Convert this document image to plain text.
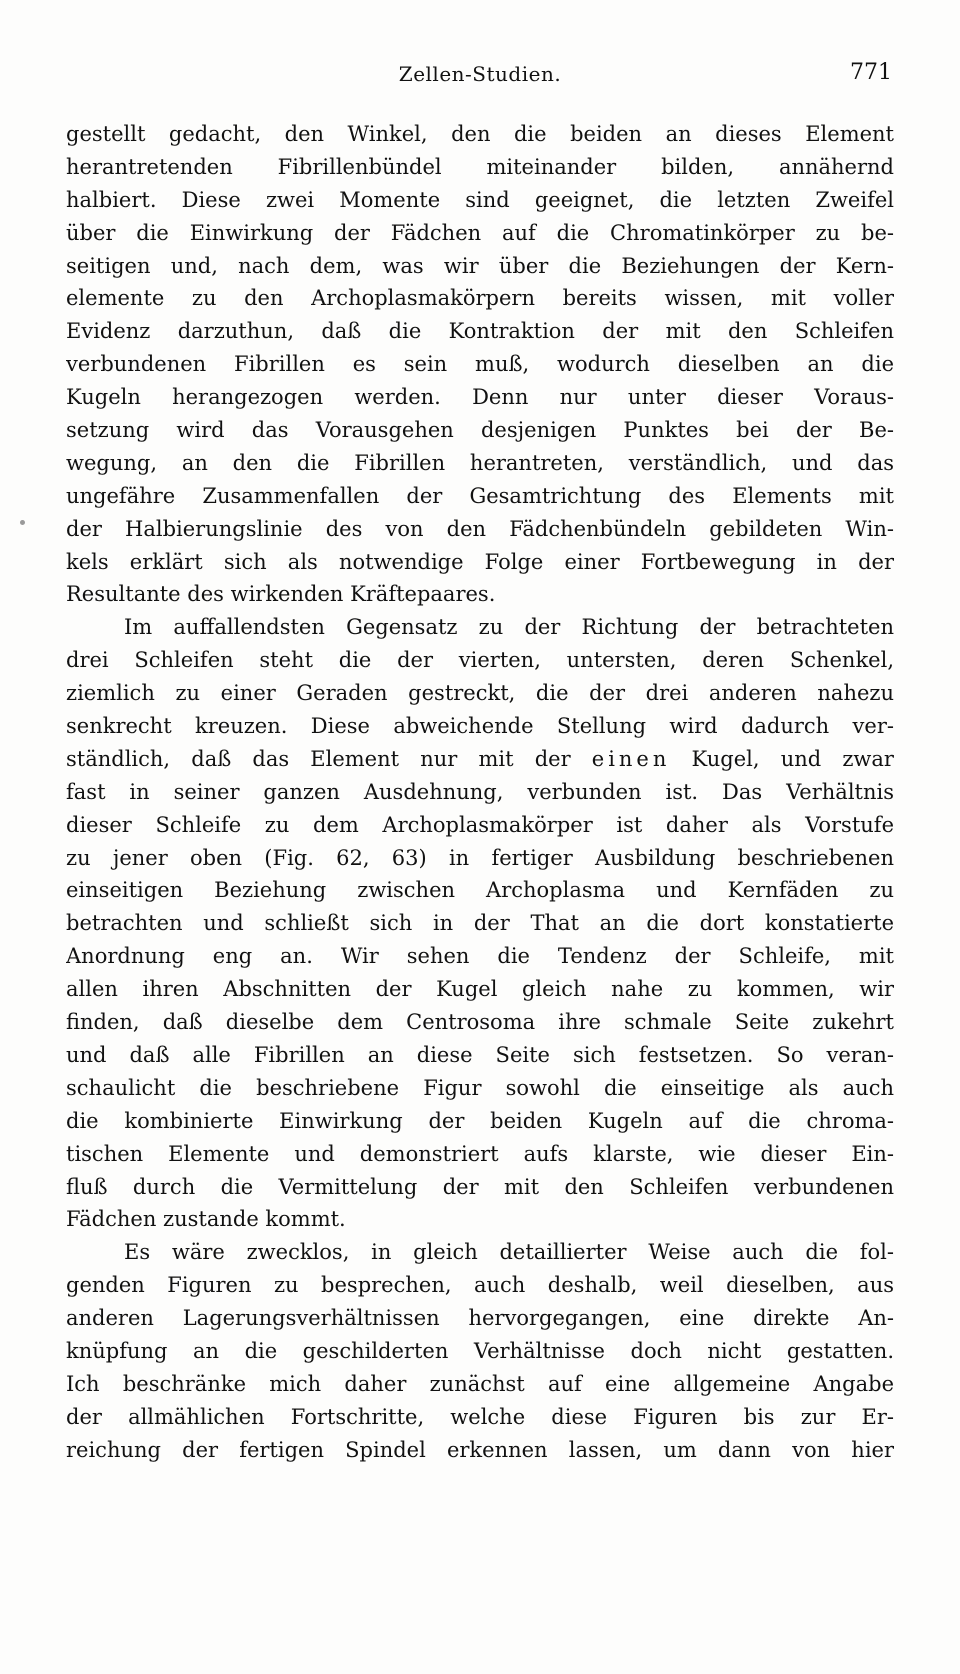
Zellen-Studien.	771
gestellt gedacht, den Winkel, den die beiden an dieses Element
herantretenden Fibrillenbündel miteinander bilden, annähernd
halbiert. Diese zwei Momente sind geeignet, die letzten Zweifel
über die Einwirkung der Fädchen auf die Chromatinkörper zu be-
seitigen und, nach dem, was wir über die Beziehungen der Kern-
elemente zu den Archoplasmakörpern bereits wissen, mit voller
Evidenz darzuthun, daß die Kontraktion der mit den Schleifen
verbundenen Fibrillen es sein muß, wodurch dieselben an die
Kugeln herangezogen werden. Denn nur unter dieser Voraus-
setzung wird das Vorausgehen desjenigen Punktes bei der Be-
wegung, an den die Fibrillen herantreten, verständlich, und das
ungefähre Zusammenfallen der Gesamtrichtung des Elements mit
der Halbierungslinie des von den Fädchenbündeln gebildeten Win-
kels erklärt sich als notwendige Folge einer Fortbewegung in der
Resultante des wirkenden Kräftepaares.
Im auffallendsten Gegensatz zu der Richtung der betrachteten
drei Schleifen steht die der vierten, untersten, deren Schenkel,
ziemlich zu einer Geraden gestreckt, die der drei anderen nahezu
senkrecht kreuzen. Diese abweichende Stellung wird dadurch ver-
ständlich, daß das Element nur mit der einen Kugel, und zwar
fast in seiner ganzen Ausdehnung, verbunden ist. Das Verhältnis
dieser Schleife zu dem Archoplasmakörper ist daher als Vorstufe
zu jener oben (Fig. 62, 63) in fertiger Ausbildung beschriebenen
einseitigen Beziehung zwischen Archoplasma und Kernfäden zu
betrachten und schließt sich in der That an die dort konstatierte
Anordnung eng an. Wir sehen die Tendenz der Schleife, mit
allen ihren Abschnitten der Kugel gleich nahe zu kommen, wir
finden, daß dieselbe dem Centrosoma ihre schmale Seite zukehrt
und daß alle Fibrillen an diese Seite sich festsetzen. So veran-
schaulicht die beschriebene Figur sowohl die einseitige als auch
die kombinierte Einwirkung der beiden Kugeln auf die chroma-
tischen Elemente und demonstriert aufs klarste, wie dieser Ein-
fluß durch die Vermittelung der mit den Schleifen verbundenen
Fädchen zustande kommt.
Es wäre zwecklos, in gleich detaillierter Weise auch die fol-
genden Figuren zu besprechen, auch deshalb, weil dieselben, aus
anderen Lagerungsverhältnissen hervorgegangen, eine direkte An-
knüpfung an die geschilderten Verhältnisse doch nicht gestatten.
Ich beschränke mich daher zunächst auf eine allgemeine Angabe
der allmählichen Fortschritte, welche diese Figuren bis zur Er-
reichung der fertigen Spindel erkennen lassen, um dann von hier
